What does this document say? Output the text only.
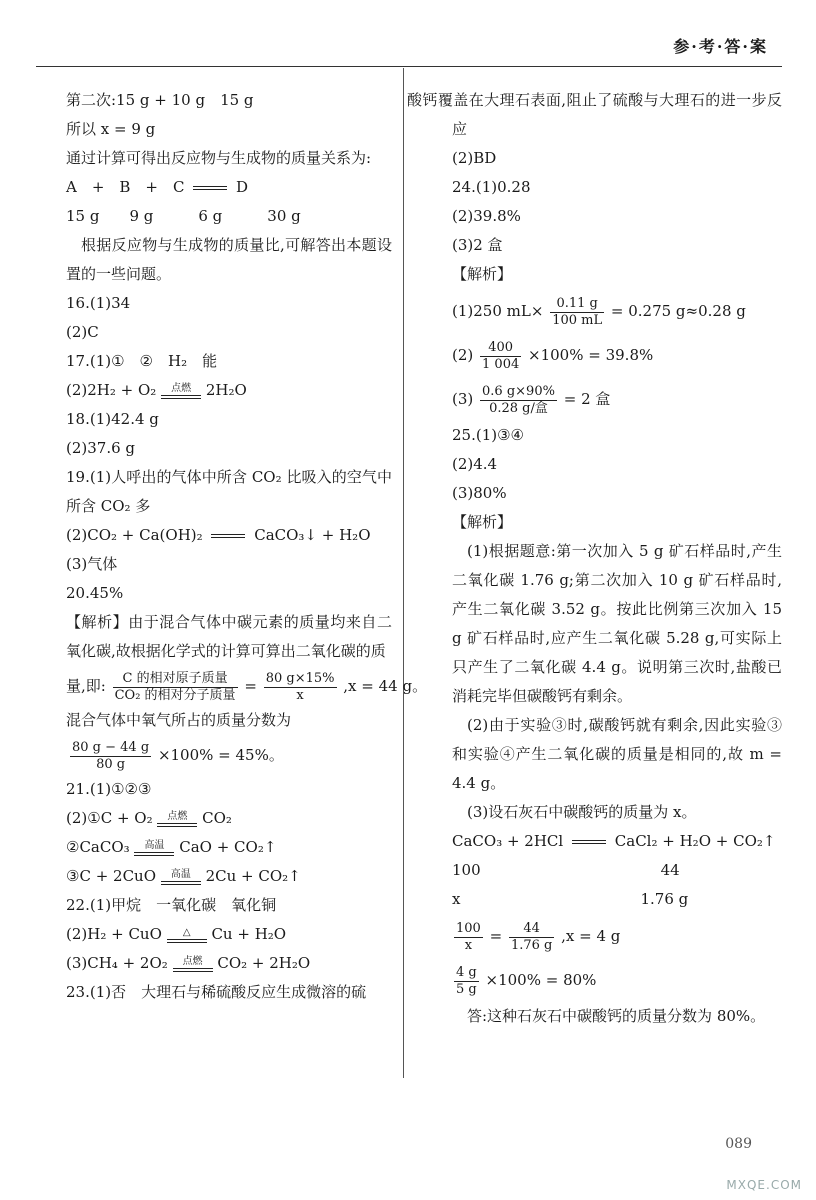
参·考·答·案
第二次:15 g + 10 g　15 g
所以 x = 9 g
通过计算可得出反应物与生成物的质量关系为:
A　+　B　+　C	D
15 g　　9 g　　　6 g　　　30 g
根据反应物与生成物的质量比,可解答出本题设置的一些问题。
16.(1)34
(2)C
17.(1)①　②　H₂　能
(2)2H₂ + O₂	点燃 2H₂O
18.(1)42.4 g
(2)37.6 g
19.(1)人呼出的气体中所含 CO₂ 比吸入的空气中所含 CO₂ 多
(2)CO₂ + Ca(OH)₂	CaCO₃↓ + H₂O
(3)气体
20.45%
【解析】由于混合气体中碳元素的质量均来自二氧化碳,故根据化学式的计算可算出二氧化碳的质
量,即: $\frac{\text{C 的相对原子质量}}{\text{CO₂ 的相对分子质量}} = \frac{80 g\times 15\%}{x} ,x = 44$ g。
混合气体中氧气所占的质量分数为
$\frac{80 g - 44 g}{80 g} \times 100\% = 45\%$。
21.(1)①②③
(2)①C + O₂	点燃 CO₂
②CaCO₃	高温 CaO + CO₂↑
③C + 2CuO	高温 2Cu + CO₂↑
22.(1)甲烷　一氧化碳　氧化铜
(2)H₂ + CuO	△	Cu + H₂O
(3)CH₄ + 2O₂	点燃 CO₂ + 2H₂O
23.(1)否　大理石与稀硫酸反应生成微溶的硫
酸钙覆盖在大理石表面,阻止了硫酸与大理石的进一步反应
(2)BD
24.(1)0.28
(2)39.8%
(3)2 盒
【解析】
(1)250 $mL\times \frac{0.11 g}{100 mL} = 0.275$ g≈0.28 g
$(2) \frac{400}{1 004} \times 100\% = 39.8\%$
$(3) \frac{0.6 g\times 90\%}{\text{0.28 g/盒}} = 2$ 盒
25.(1)③④
(2)4.4
(3)80%
【解析】
(1)根据题意:第一次加入 5 g 矿石样品时,产生二氧化碳 1.76 g;第二次加入 10 g 矿石样品时,产生二氧化碳 3.52 g。按此比例第三次加入 15 g 矿石样品时,应产生二氧化碳 5.28 g,可实际上只产生了二氧化碳 4.4 g。说明第三次时,盐酸已消耗完毕但碳酸钙有剩余。
(2)由于实验③时,碳酸钙就有剩余,因此实验③和实验④产生二氧化碳的质量是相同的,故 m = 4.4 g。
(3)设石灰石中碳酸钙的质量为 x。
CaCO₃ + 2HCl	CaCl₂ + H₂O + CO₂↑
100　　　　　　　　　　　　44
x　　　　　　　　　　　　1.76 g
$\frac{100}{x} = \frac{44}{1.76 g} ,x = 4$ g
$\frac{4 g}{5 g} \times 100\% = 80\%$
答:这种石灰石中碳酸钙的质量分数为 80%。
089
MXQE.COM
